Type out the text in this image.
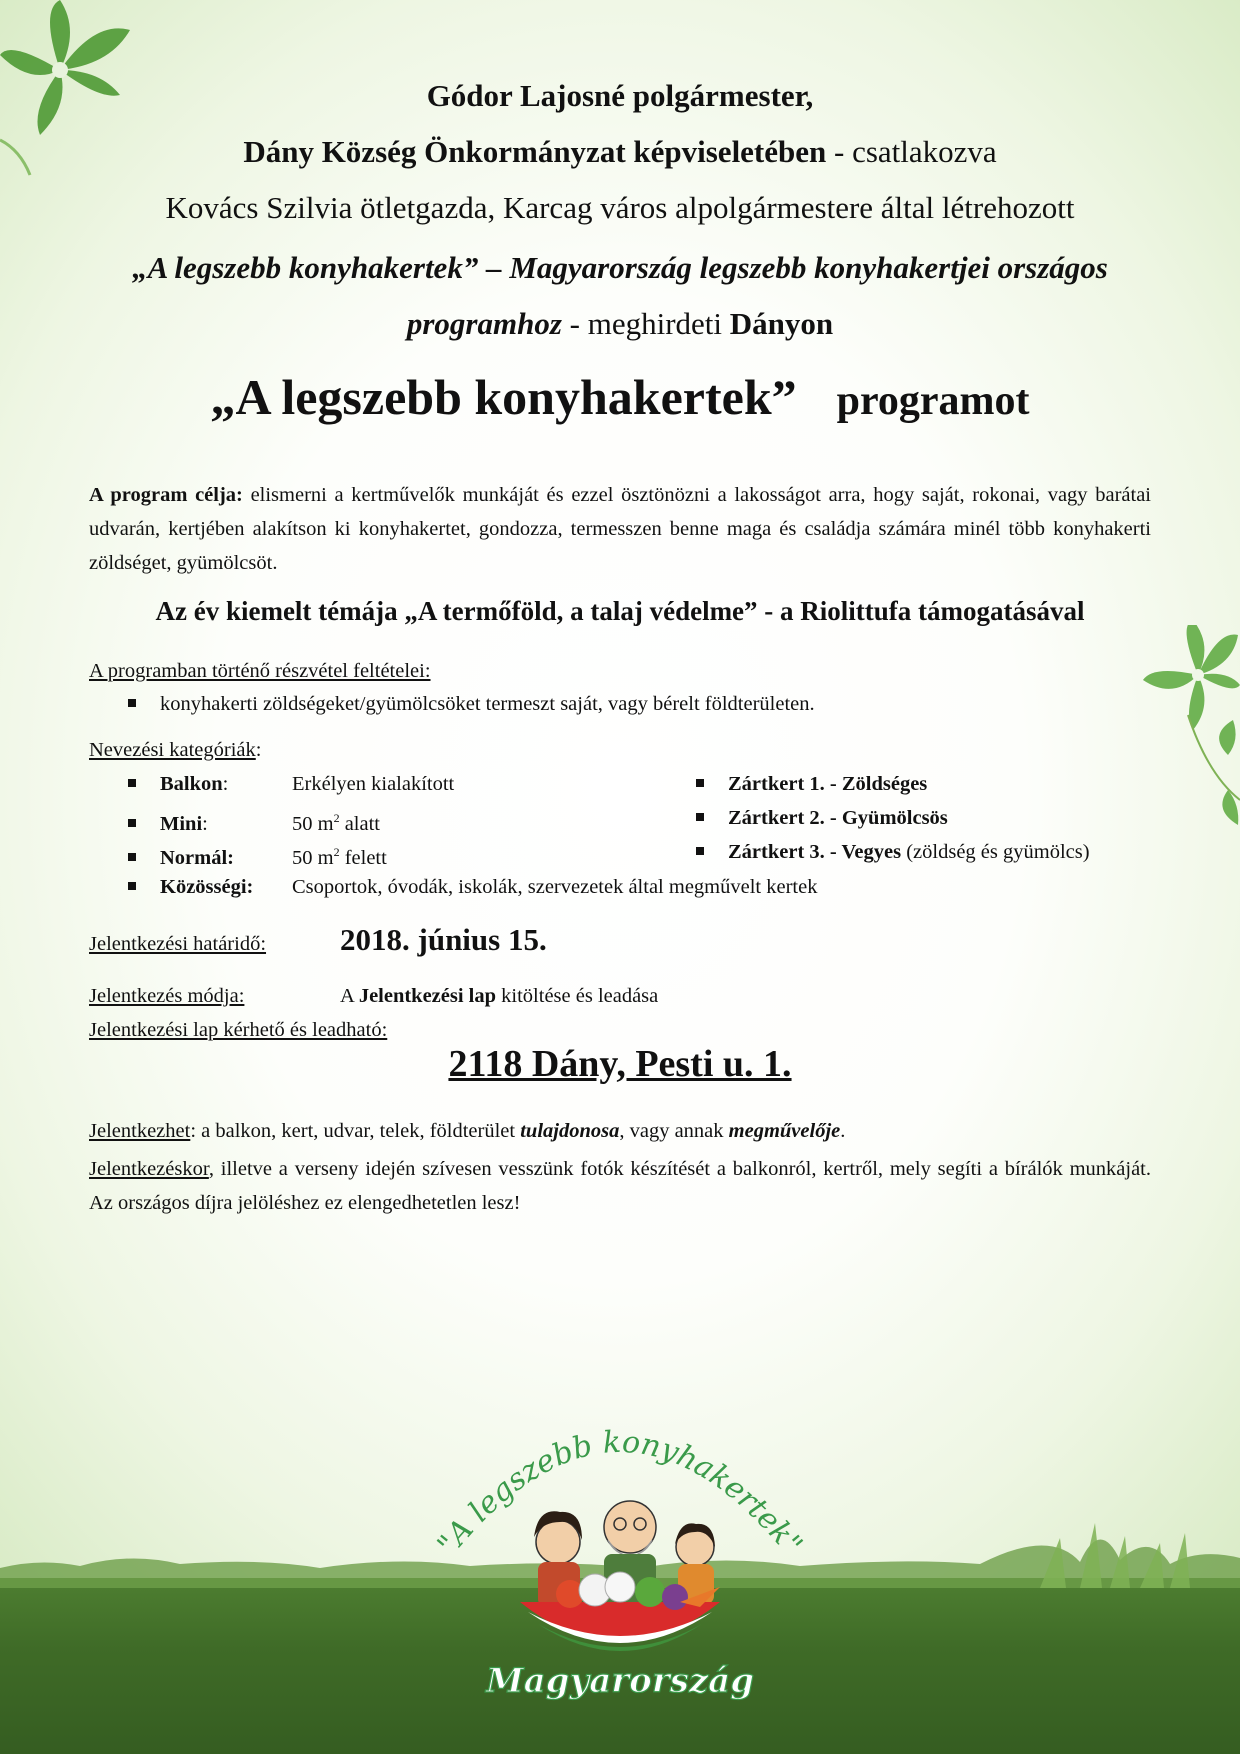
Gódor Lajosné polgármester,
Dány Község Önkormányzat képviseletében - csatlakozva
Kovács Szilvia ötletgazda, Karcag város alpolgármestere által létrehozott
„A legszebb konyhakertek” – Magyarország legszebb konyhakertjei országos
programhoz - meghirdeti Dányon
„A legszebb konyhakertek” programot
A program célja: elismerni a kertművelők munkáját és ezzel ösztönözni a lakosságot arra, hogy saját, rokonai, vagy barátai udvarán, kertjében alakítson ki konyhakertet, gondozza, termesszen benne maga és családja számára minél több konyhakerti zöldséget, gyümölcsöt.
Az év kiemelt témája „A termőföld, a talaj védelme” - a Riolittufa támogatásával
A programban történő részvétel feltételei:
konyhakerti zöldségeket/gyümölcsöket termeszt saját, vagy bérelt földterületen.
Nevezési kategóriák:
Balkon:	Erkélyen kialakított
Mini:	50 $m^2$ alatt
Normál:	50 $m^2$ felett
Közösségi: Csoportok, óvodák, iskolák, szervezetek által megművelt kertek
Zártkert 1. - Zöldséges
Zártkert 2. - Gyümölcsös
Zártkert 3. - Vegyes (zöldség és gyümölcs)
Jelentkezési határidő: 2018. június 15.
Jelentkezés módja:	A Jelentkezési lap kitöltése és leadása
Jelentkezési lap kérhető és leadható:
2118 Dány, Pesti u. 1.
Jelentkezhet: a balkon, kert, udvar, telek, földterület tulajdonosa, vagy annak megművelője.
Jelentkezéskor, illetve a verseny idején szívesen vesszünk fotók készítését a balkonról, kertről, mely segíti a bírálók munkáját. Az országos díjra jelöléshez ez elengedhetetlen lesz!
"A legszebb konyhakertek"
Magyarország
